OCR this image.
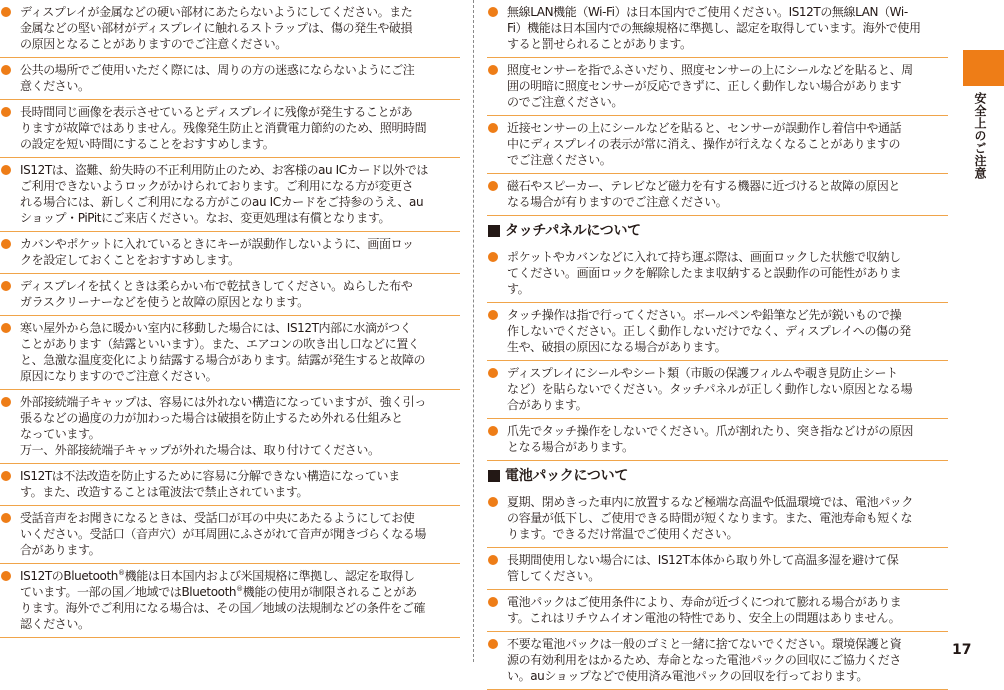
ディスプレイが金属などの硬い部材にあたらないようにしてください。また

金属などの堅い部材がディスプレイに触れるストラップは、傷の発生や破損

の原因となることがありますのでご注意ください。

公共の場所でご使用いただく際には、周りの方の迷惑にならないようにご注

意ください。

長時間同じ画像を表示させているとディスプレイに残像が発生することがあ

りますが故障ではありません。残像発生防止と消費電力節約のため、照明時間

の設定を短い時間にすることをおすすめします。

IS12Tは、盗難、紛失時の不正利用防止のため、お客様のau ICカード以外では

ご利用できないようロックがかけられております。ご利用になる方が変更さ

れる場合には、新しくご利用になる方がこのau ICカードをご持参のうえ、au

ショップ・PiPitにご来店ください。なお、変更処理は有償となります。

カバンやポケットに入れているときにキーが誤動作しないように、画面ロッ

クを設定しておくことをおすすめします。

ディスプレイを拭くときは柔らかい布で乾拭きしてください。ぬらした布や

ガラスクリーナーなどを使うと故障の原因となります。

寒い屋外から急に暖かい室内に移動した場合には、IS12T内部に水滴がつく

ことがあります（結露といいます）。また、エアコンの吹き出し口などに置く

と、急激な温度変化により結露する場合があります。結露が発生すると故障の

原因になりますのでご注意ください。

外部接続端子キャップは、容易には外れない構造になっていますが、強く引っ

張るなどの過度の力が加わった場合は破損を防止するため外れる仕組みと

なっています。

万一、外部接続端子キャップが外れた場合は、取り付けてください。

IS12Tは不法改造を防止するために容易に分解できない構造になっていま

す。また、改造することは電波法で禁止されています。

受話音声をお聞きになるときは、受話口が耳の中央にあたるようにしてお使

いください。受話口（音声穴）が耳周囲にふさがれて音声が聞きづらくなる場

合があります。

IS12TのBluetooth®機能は日本国内および米国規格に準拠し、認定を取得し

ています。一部の国／地域ではBluetooth®機能の使用が制限されることがあ

ります。海外でご利用になる場合は、その国／地域の法規制などの条件をご確

認ください。

無線LAN機能（Wi-Fi）は日本国内でご使用ください。IS12Tの無線LAN（Wi-

Fi）機能は日本国内での無線規格に準拠し、認定を取得しています。海外で使用

すると罰せられることがあります。

照度センサーを指でふさいだり、照度センサーの上にシールなどを貼ると、周

囲の明暗に照度センサーが反応できずに、正しく動作しない場合があります

のでご注意ください。

近接センサーの上にシールなどを貼ると、センサーが誤動作し着信中や通話

中にディスプレイの表示が常に消え、操作が行えなくなることがありますの

でご注意ください。

磁石やスピーカー、テレビなど磁力を有する機器に近づけると故障の原因と

なる場合が有りますのでご注意ください。

タッチパネルについて

ポケットやカバンなどに入れて持ち運ぶ際は、画面ロックした状態で収納し

てください。画面ロックを解除したまま収納すると誤動作の可能性がありま

す。

タッチ操作は指で行ってください。ボールペンや鉛筆など先が鋭いもので操

作しないでください。正しく動作しないだけでなく、ディスプレイへの傷の発

生や、破損の原因になる場合があります。

ディスプレイにシールやシート類（市販の保護フィルムや覗き見防止シート

など）を貼らないでください。タッチパネルが正しく動作しない原因となる場

合があります。

爪先でタッチ操作をしないでください。爪が割れたり、突き指などけがの原因

となる場合があります。

電池パックについて

夏期、閉めきった車内に放置するなど極端な高温や低温環境では、電池パック

の容量が低下し、ご使用できる時間が短くなります。また、電池寿命も短くな

ります。できるだけ常温でご使用ください。

長期間使用しない場合には、IS12T本体から取り外して高温多湿を避けて保

管してください。

電池パックはご使用条件により、寿命が近づくにつれて膨れる場合がありま

す。これはリチウムイオン電池の特性であり、安全上の問題はありません。

不要な電池パックは一般のゴミと一緒に捨てないでください。環境保護と資

源の有効利用をはかるため、寿命となった電池パックの回収にご協力くださ

い。auショップなどで使用済み電池パックの回収を行っております。

安全上のご注意
17
